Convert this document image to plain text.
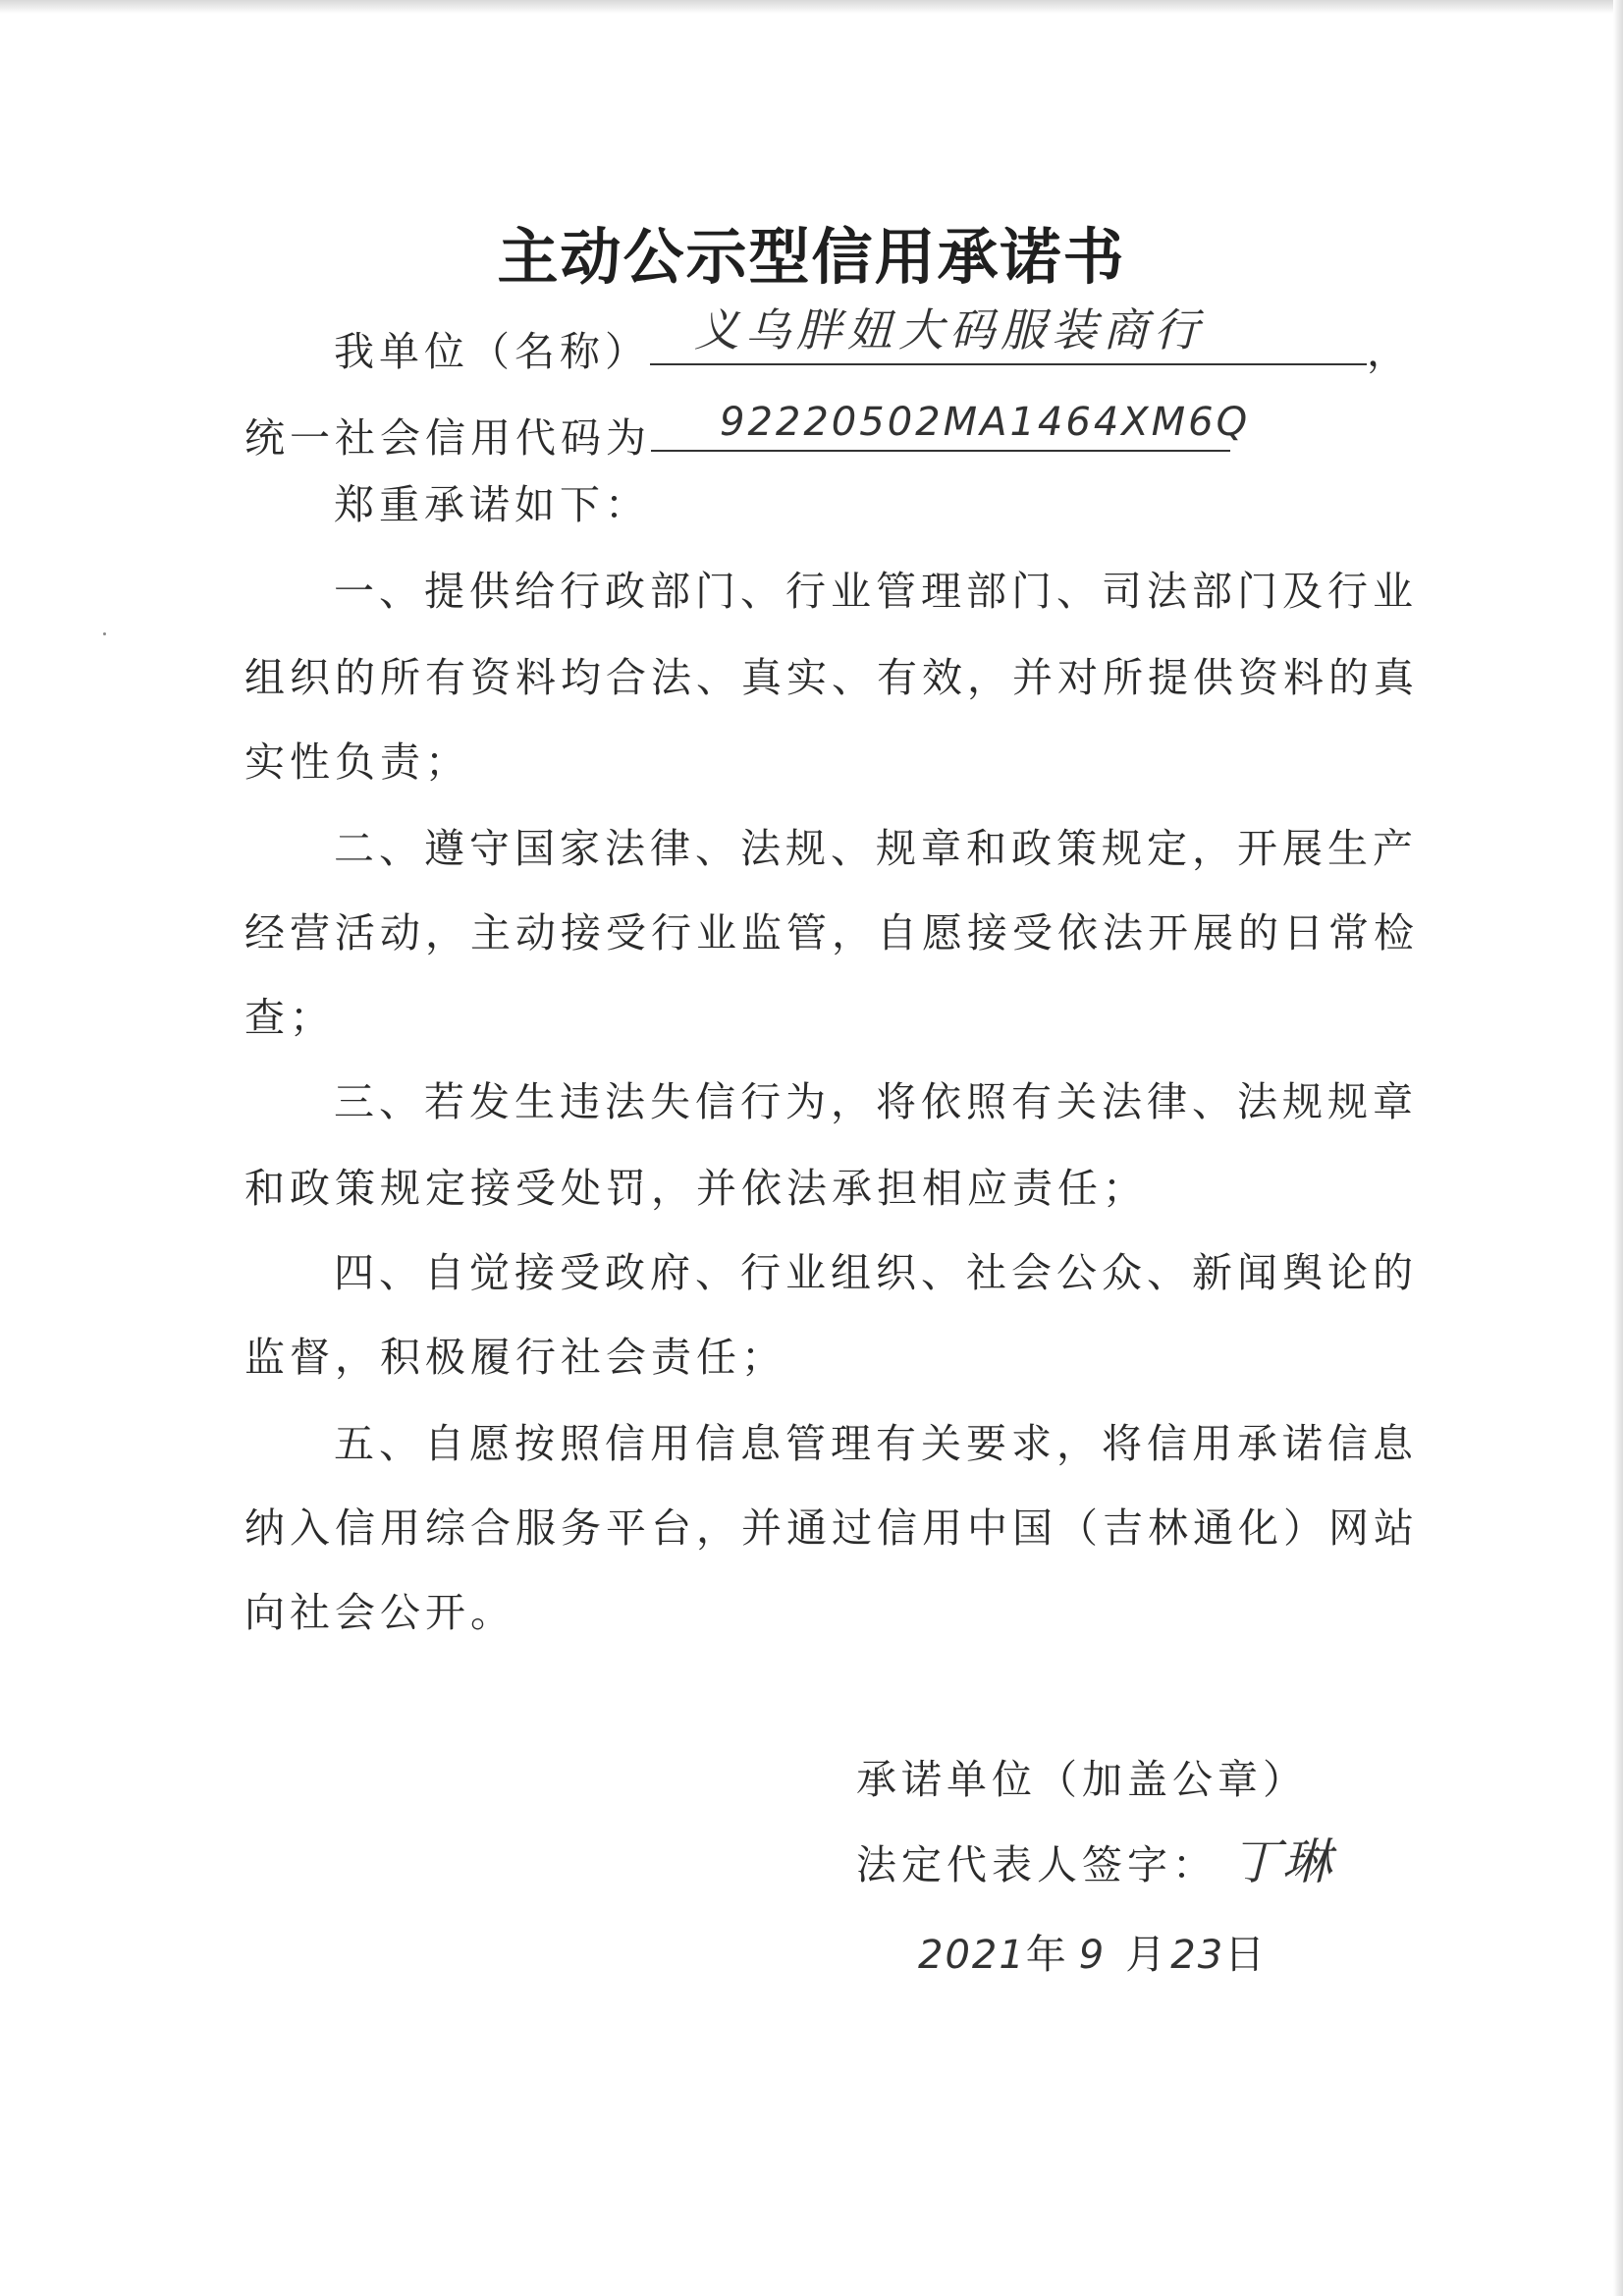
主动公示型信用承诺书
我单位（名称） 义乌胖妞大码服装商行	，
统一社会信用代码为 92220502MA1464XM6Q
郑重承诺如下：
一、提供给行政部门、行业管理部门、司法部门及行业
组织的所有资料均合法、真实、有效，并对所提供资料的真
实性负责；
二、遵守国家法律、法规、规章和政策规定，开展生产
经营活动，主动接受行业监管，自愿接受依法开展的日常检
查；
三、若发生违法失信行为，将依照有关法律、法规规章
和政策规定接受处罚，并依法承担相应责任；
四、自觉接受政府、行业组织、社会公众、新闻舆论的
监督，积极履行社会责任；
五、自愿按照信用信息管理有关要求，将信用承诺信息
纳入信用综合服务平台，并通过信用中国（吉林通化）网站
向社会公开。
承诺单位（加盖公章）
法定代表人签字： 丁琳
2021年 9 月23日
